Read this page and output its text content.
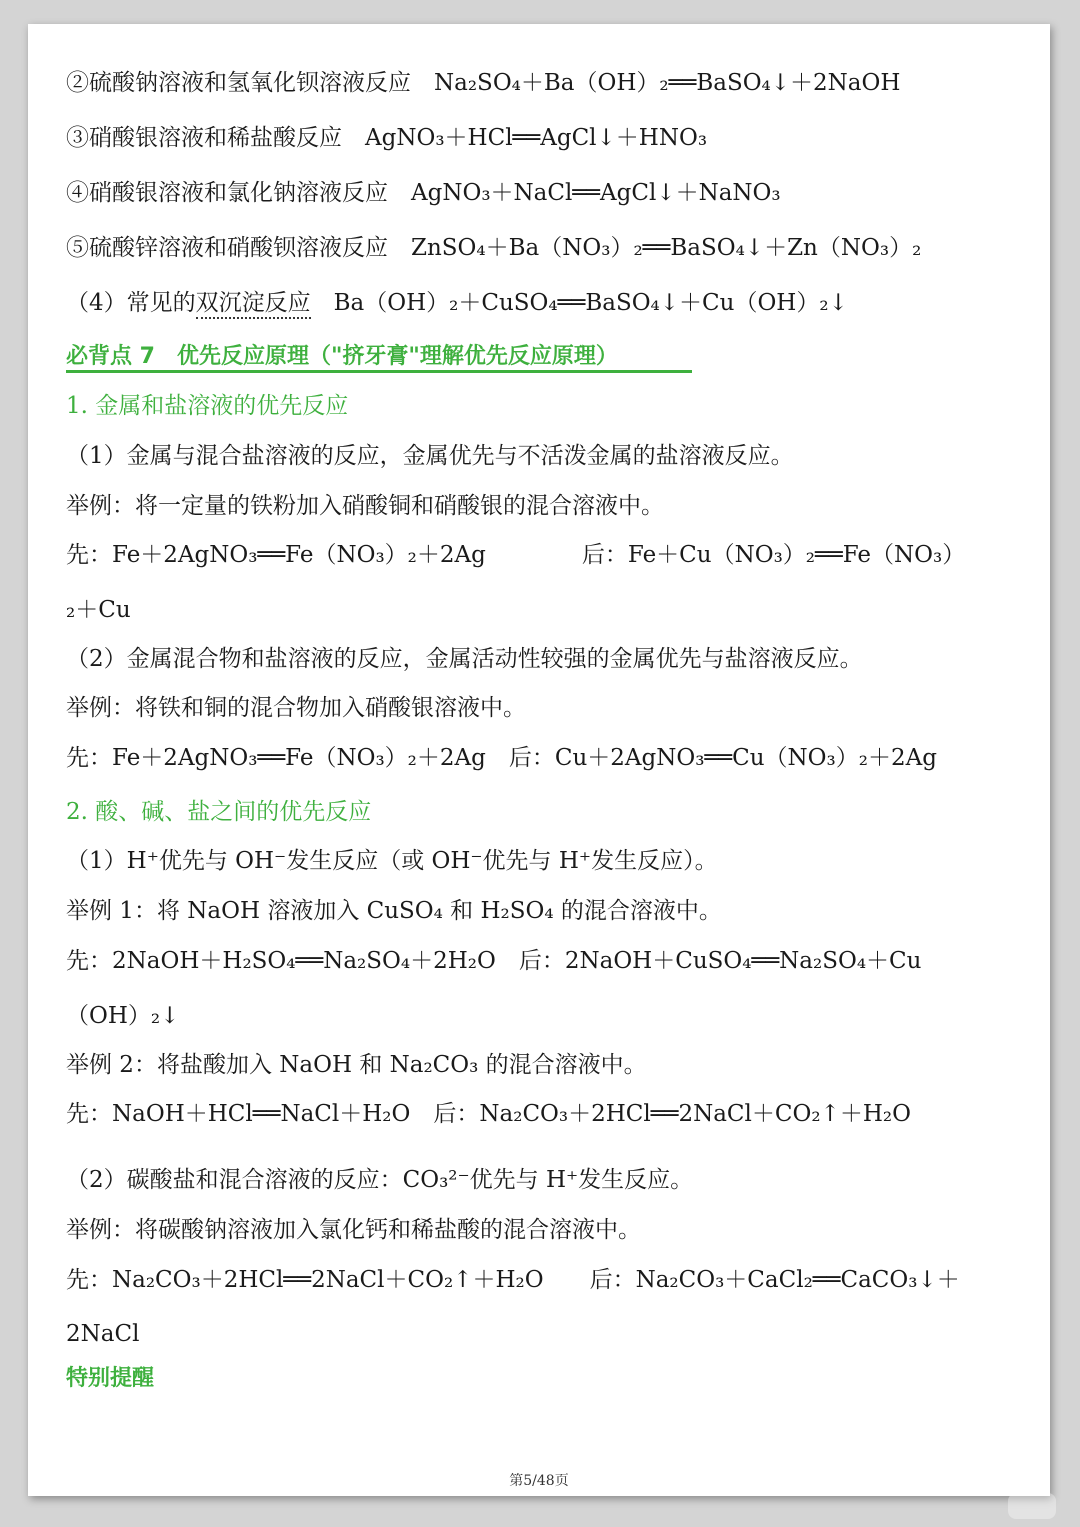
②硫酸钠溶液和氢氧化钡溶液反应　Na₂SO₄＋Ba（OH）₂══BaSO₄↓＋2NaOH
③硝酸银溶液和稀盐酸反应　AgNO₃＋HCl══AgCl↓＋HNO₃
④硝酸银溶液和氯化钠溶液反应　AgNO₃＋NaCl══AgCl↓＋NaNO₃
⑤硫酸锌溶液和硝酸钡溶液反应　ZnSO₄＋Ba（NO₃）₂══BaSO₄↓＋Zn（NO₃）₂
（4）常见的双沉淀反应　Ba（OH）₂＋CuSO₄══BaSO₄↓＋Cu（OH）₂↓
必背点 7　优先反应原理（"挤牙膏"理解优先反应原理）
1. 金属和盐溶液的优先反应
（1）金属与混合盐溶液的反应，金属优先与不活泼金属的盐溶液反应。
举例：将一定量的铁粉加入硝酸铜和硝酸银的混合溶液中。
先：Fe＋2AgNO₃══Fe（NO₃）₂＋2Ag	后：Fe＋Cu（NO₃）₂══Fe（NO₃）
₂＋Cu
（2）金属混合物和盐溶液的反应，金属活动性较强的金属优先与盐溶液反应。
举例：将铁和铜的混合物加入硝酸银溶液中。
先：Fe＋2AgNO₃══Fe（NO₃）₂＋2Ag　后：Cu＋2AgNO₃══Cu（NO₃）₂＋2Ag
2. 酸、碱、盐之间的优先反应
（1）H⁺优先与 OH⁻发生反应（或 OH⁻优先与 H⁺发生反应）。
举例 1：将 NaOH 溶液加入 CuSO₄ 和 H₂SO₄ 的混合溶液中。
先：2NaOH＋H₂SO₄══Na₂SO₄＋2H₂O　后：2NaOH＋CuSO₄══Na₂SO₄＋Cu
（OH）₂↓
举例 2：将盐酸加入 NaOH 和 Na₂CO₃ 的混合溶液中。
先：NaOH＋HCl══NaCl＋H₂O　后：Na₂CO₃＋2HCl══2NaCl＋CO₂↑＋H₂O
（2）碳酸盐和混合溶液的反应：CO₃²⁻优先与 H⁺发生反应。
举例：将碳酸钠溶液加入氯化钙和稀盐酸的混合溶液中。
先：Na₂CO₃＋2HCl══2NaCl＋CO₂↑＋H₂O 后：Na₂CO₃＋CaCl₂══CaCO₃↓＋
2NaCl
特别提醒
第5/48页
